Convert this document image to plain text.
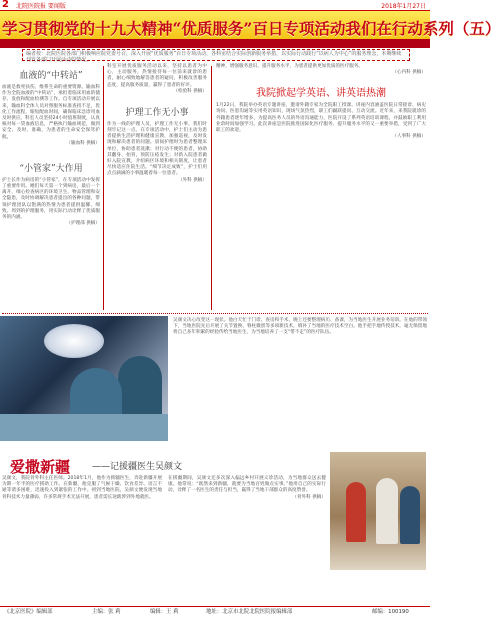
2	北院医院报 要闻版	2018年1月27日
学习贯彻党的十九大精神“优质服务”百日专项活动我们在行动系列（五）
编者按：北院医院各部门积极响应院党委号召，深入开展“优质服务”百日专项活动，各科室结合实际创新服务举措，以实际行动践行“以病人为中心”的服务理念，本期继续刊发各部门开展活动的情况。
血液的“中转站”
血液是救死扶伤、维系生命的重要资源。输血科作为全院血液的“中转站”，承担着临床用血的储存、发放和配血检测等工作。自专项活动开展以来，输血科全体人员对照服务标准查找不足，优化工作流程，缩短配血时间，确保临床急诊用血及时供应。科室人员坚持24小时值班制度，认真核对每一袋血液信息，严格执行输血规范，做到安全、及时、准确，为患者的生命安全保驾护航。
（输血科 供稿）
“小管家”大作用
护士长作为病房的“小管家”，在专项活动中发挥了重要作用。她们每天第一个到病房，最后一个离开，细心检查病区的环境卫生、物品管理和安全隐患，及时协调解决患者提出的各种问题，带领护理团队以饱满的热情为患者提供温馨、细致、周到的护理服务，用实际行动诠释了优质服务的内涵。
（护理部 供稿）
科室开展优质服务活动以来，坚持以患者为中心，主动服务，热情接待每一位前来就诊的患者，耐心细致地解答患者的疑问，积极改善服务态度，提高服务质量，赢得了患者的好评。
（检验科 供稿）
护理工作无小事
作为一线的护理人员，护理工作无小事，我们时刻牢记这一点。在专项活动中，护士们主动为患者提供生活护理和健康宣教，加强巡视，及时发现和解决患者的问题。晨间护理时为患者整理床单位，协助患者洗漱；对行动不便的患者，协助其翻身、拍背，预防压疮发生；对新入院患者做好入院宣教，介绍病区环境和相关制度，让患者尽快适应住院生活。“细节决定成败”，护士们用点点滴滴的小事温暖着每一位患者。
（外科 供稿）
精神，增强服务意识，提升服务水平，为患者提供更加优质的医疗服务。
（心内科 供稿）
我院掀起学英语、讲英语热潮
1月22日，我院举办英语专题讲座，邀请外籍专家为全院职工授课。讲座内容涵盖医院日常接诊、病史询问、医患沟通等实用英语知识，现场气氛热烈，职工们踊跃提问、互动交流。近年来，来我院就诊的外籍患者逐年增多，为提高医务人员的外语沟通能力，医院开设了系列英语培训课程，并鼓励职工利用业余时间加强学习。此次讲座是医院推进国际化医疗服务、提升服务水平的又一重要举措，受到了广大职工的欢迎。
（人事科 供稿）
吴颜文决心改变这一现状。他白天忙于门诊、查房和手术，晚上还要整理病历、备课，为当地医生开展业务培训。在他的带领下，当地医院先后开展了关节置换、脊柱微创等多项新技术，填补了当地的医疗技术空白。他手把手地传授技术，毫无保留地将自己多年积累的经验传给当地医生，为当地培养了一支“带不走”的医疗队伍。
爱撒新疆 ——记援疆医生吴颜文
吴颜文，我院骨外科主任医师。2018年1月，他作为援疆医生，奔赴新疆开展为期一年半的医疗援助工作。在新疆，他克服了气候干燥、饮食差异、语言不通等诸多困难，迅速投入到紧张的工作中。初到当地医院，吴颜文便发现当地骨科技术力量薄弱，许多常规手术无法开展，患者需长途跋涉到外地就医。
在援疆期间，吴颜文还多次深入偏远乡村开展义诊活动，为当地群众送去健康。他常说：“既然来到新疆，就要为当地百姓做点实事。”他用自己的实际行动，诠释了一名医生的责任与担当，赢得了当地干部群众的高度赞誉。
（骨外科 供稿）
《北京医院》编辑部	主编：张 莉	编辑：王 莉	地址：北京市北院北院医院报编辑部	邮编：100190
